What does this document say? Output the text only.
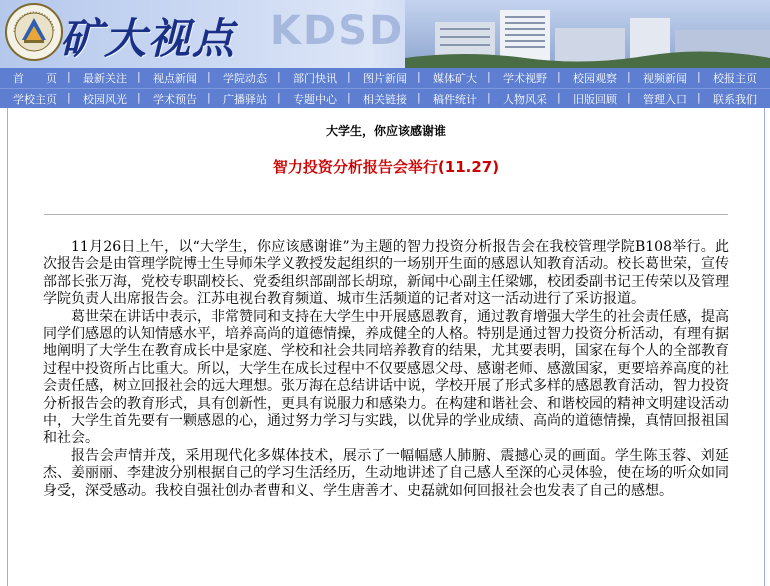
矿大视点 KDSD
首　　页	| 最新关注	| 视点新闻	| 学院动态	| 部门快讯	| 图片新闻	| 媒体矿大	| 学术视野	| 校园观察	| 视频新闻	| 校报主页
学校主页	| 校园风光	| 学术预告	| 广播驿站	| 专题中心	| 相关链接	| 稿件统计	| 人物风采	| 旧版回顾	| 管理入口	| 联系我们
大学生，你应该感谢谁
智力投资分析报告会举行(11.27)

11月26日上午，以“大学生，你应该感谢谁”为主题的智力投资分析报告会在我校管理学院B108举行。此次报告会是由管理学院博士生导师朱学义教授发起组织的一场别开生面的感恩认知教育活动。校长葛世荣，宣传部部长张万海，党校专职副校长、党委组织部副部长胡琼，新闻中心副主任梁娜，校团委副书记王传荣以及管理学院负责人出席报告会。江苏电视台教育频道、城市生活频道的记者对这一活动进行了采访报道。

葛世荣在讲话中表示，非常赞同和支持在大学生中开展感恩教育，通过教育增强大学生的社会责任感，提高同学们感恩的认知情感水平，培养高尚的道德情操，养成健全的人格。特别是通过智力投资分析活动，有理有据地阐明了大学生在教育成长中是家庭、学校和社会共同培养教育的结果，尤其要表明，国家在每个人的全部教育过程中投资所占比重大。所以，大学生在成长过程中不仅要感恩父母、感谢老师、感激国家，更要培养高度的社会责任感，树立回报社会的远大理想。张万海在总结讲话中说，学校开展了形式多样的感恩教育活动，智力投资分析报告会的教育形式，具有创新性，更具有说服力和感染力。在构建和谐社会、和谐校园的精神文明建设活动中，大学生首先要有一颗感恩的心，通过努力学习与实践，以优异的学业成绩、高尚的道德情操，真情回报祖国和社会。

报告会声情并茂，采用现代化多媒体技术，展示了一幅幅感人肺腑、震撼心灵的画面。学生陈玉蓉、刘延杰、姜丽丽、李建波分别根据自己的学习生活经历，生动地讲述了自己感人至深的心灵体验，使在场的听众如同身受，深受感动。我校自强社创办者曹和义、学生唐善才、史磊就如何回报社会也发表了自己的感想。
